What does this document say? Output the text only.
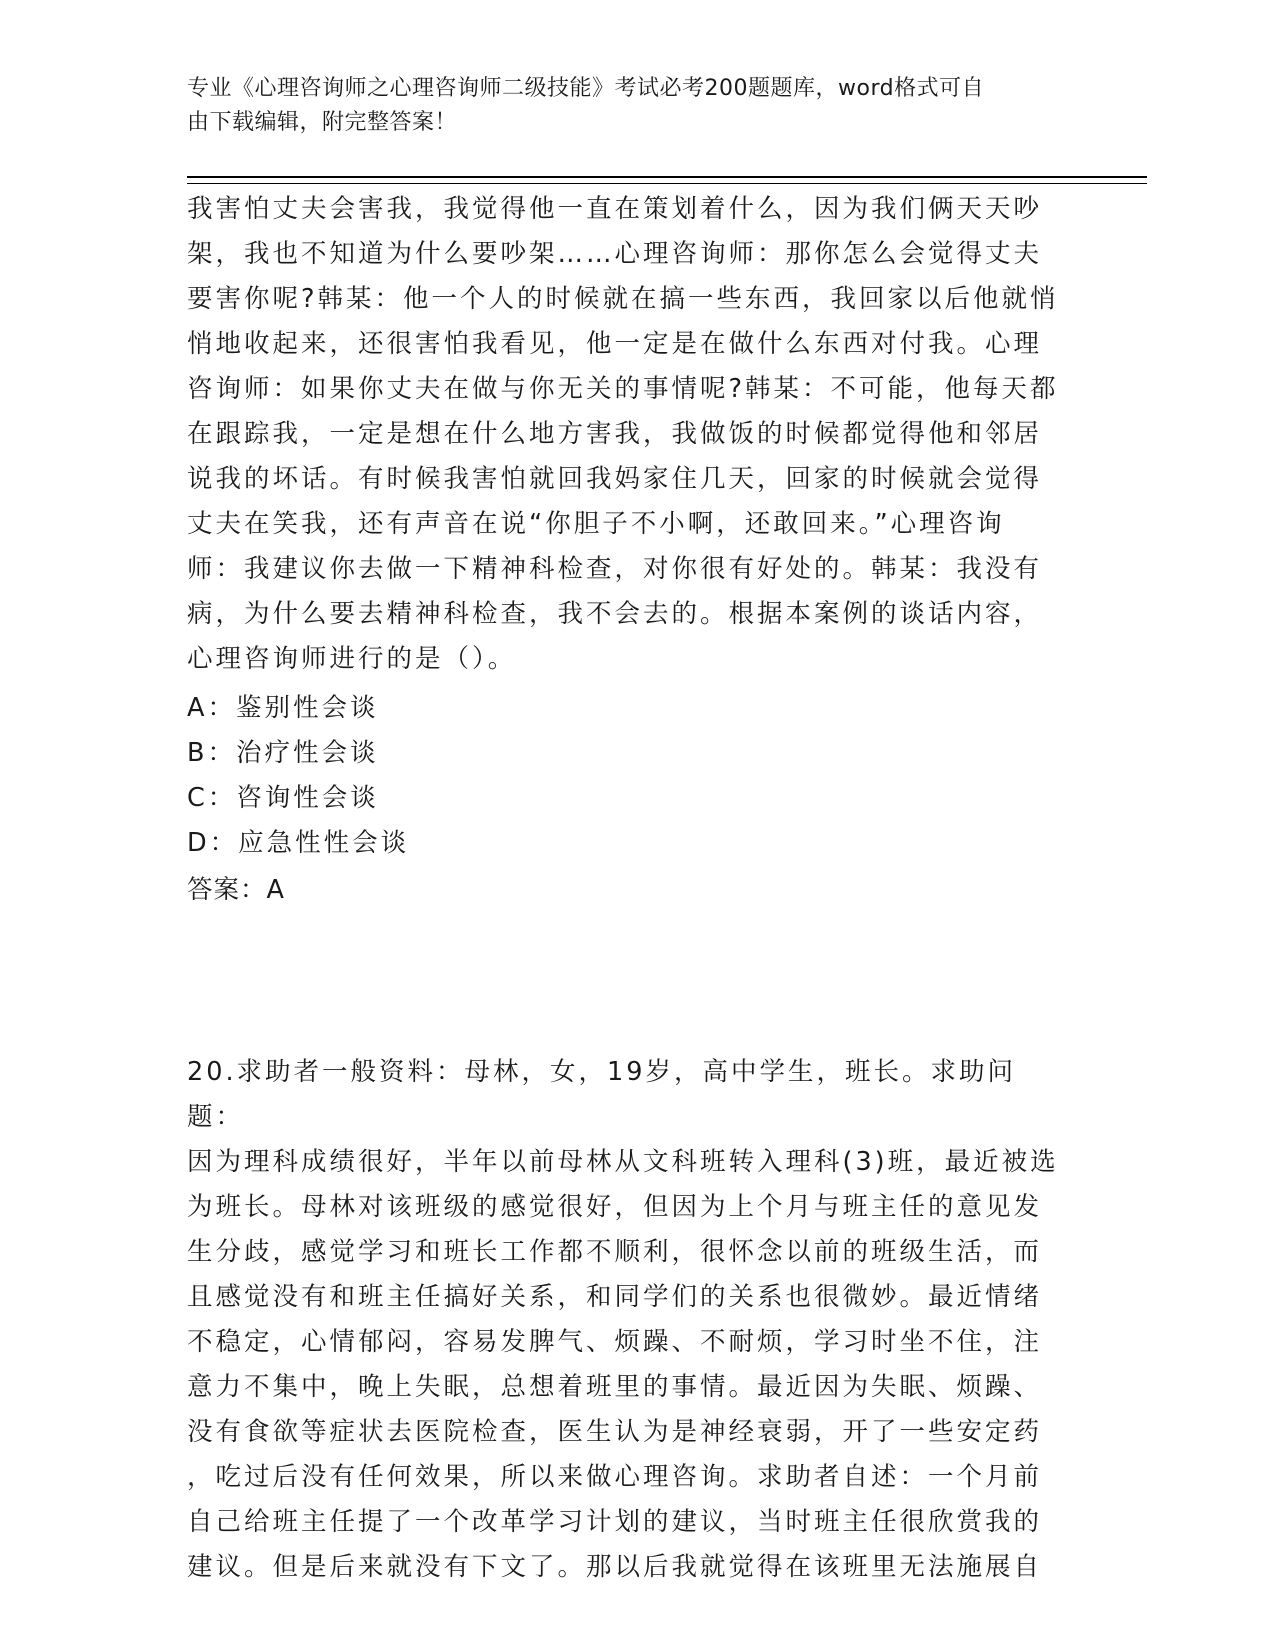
专业《心理咨询师之心理咨询师二级技能》考试必考200题题库，word格式可自
由下载编辑，附完整答案！
我害怕丈夫会害我，我觉得他一直在策划着什么，因为我们俩天天吵
架，我也不知道为什么要吵架……心理咨询师：那你怎么会觉得丈夫
要害你呢?韩某：他一个人的时候就在搞一些东西，我回家以后他就悄
悄地收起来，还很害怕我看见，他一定是在做什么东西对付我。心理
咨询师：如果你丈夫在做与你无关的事情呢?韩某：不可能，他每天都
在跟踪我，一定是想在什么地方害我，我做饭的时候都觉得他和邻居
说我的坏话。有时候我害怕就回我妈家住几天，回家的时候就会觉得
丈夫在笑我，还有声音在说“你胆子不小啊，还敢回来。”心理咨询
师：我建议你去做一下精神科检查，对你很有好处的。韩某：我没有
病，为什么要去精神科检查，我不会去的。根据本案例的谈话内容，
心理咨询师进行的是（）。
A：鉴别性会谈
B：治疗性会谈
C：咨询性会谈
D：应急性性会谈
答案：A
20.求助者一般资料：母林，女，19岁，高中学生，班长。求助问题：
因为理科成绩很好，半年以前母林从文科班转入理科(3)班，最近被选
为班长。母林对该班级的感觉很好，但因为上个月与班主任的意见发
生分歧，感觉学习和班长工作都不顺利，很怀念以前的班级生活，而
且感觉没有和班主任搞好关系，和同学们的关系也很微妙。最近情绪
不稳定，心情郁闷，容易发脾气、烦躁、不耐烦，学习时坐不住，注
意力不集中，晚上失眠，总想着班里的事情。最近因为失眠、烦躁、
没有食欲等症状去医院检查，医生认为是神经衰弱，开了一些安定药
，吃过后没有任何效果，所以来做心理咨询。求助者自述：一个月前
自己给班主任提了一个改革学习计划的建议，当时班主任很欣赏我的
建议。但是后来就没有下文了。那以后我就觉得在该班里无法施展自
